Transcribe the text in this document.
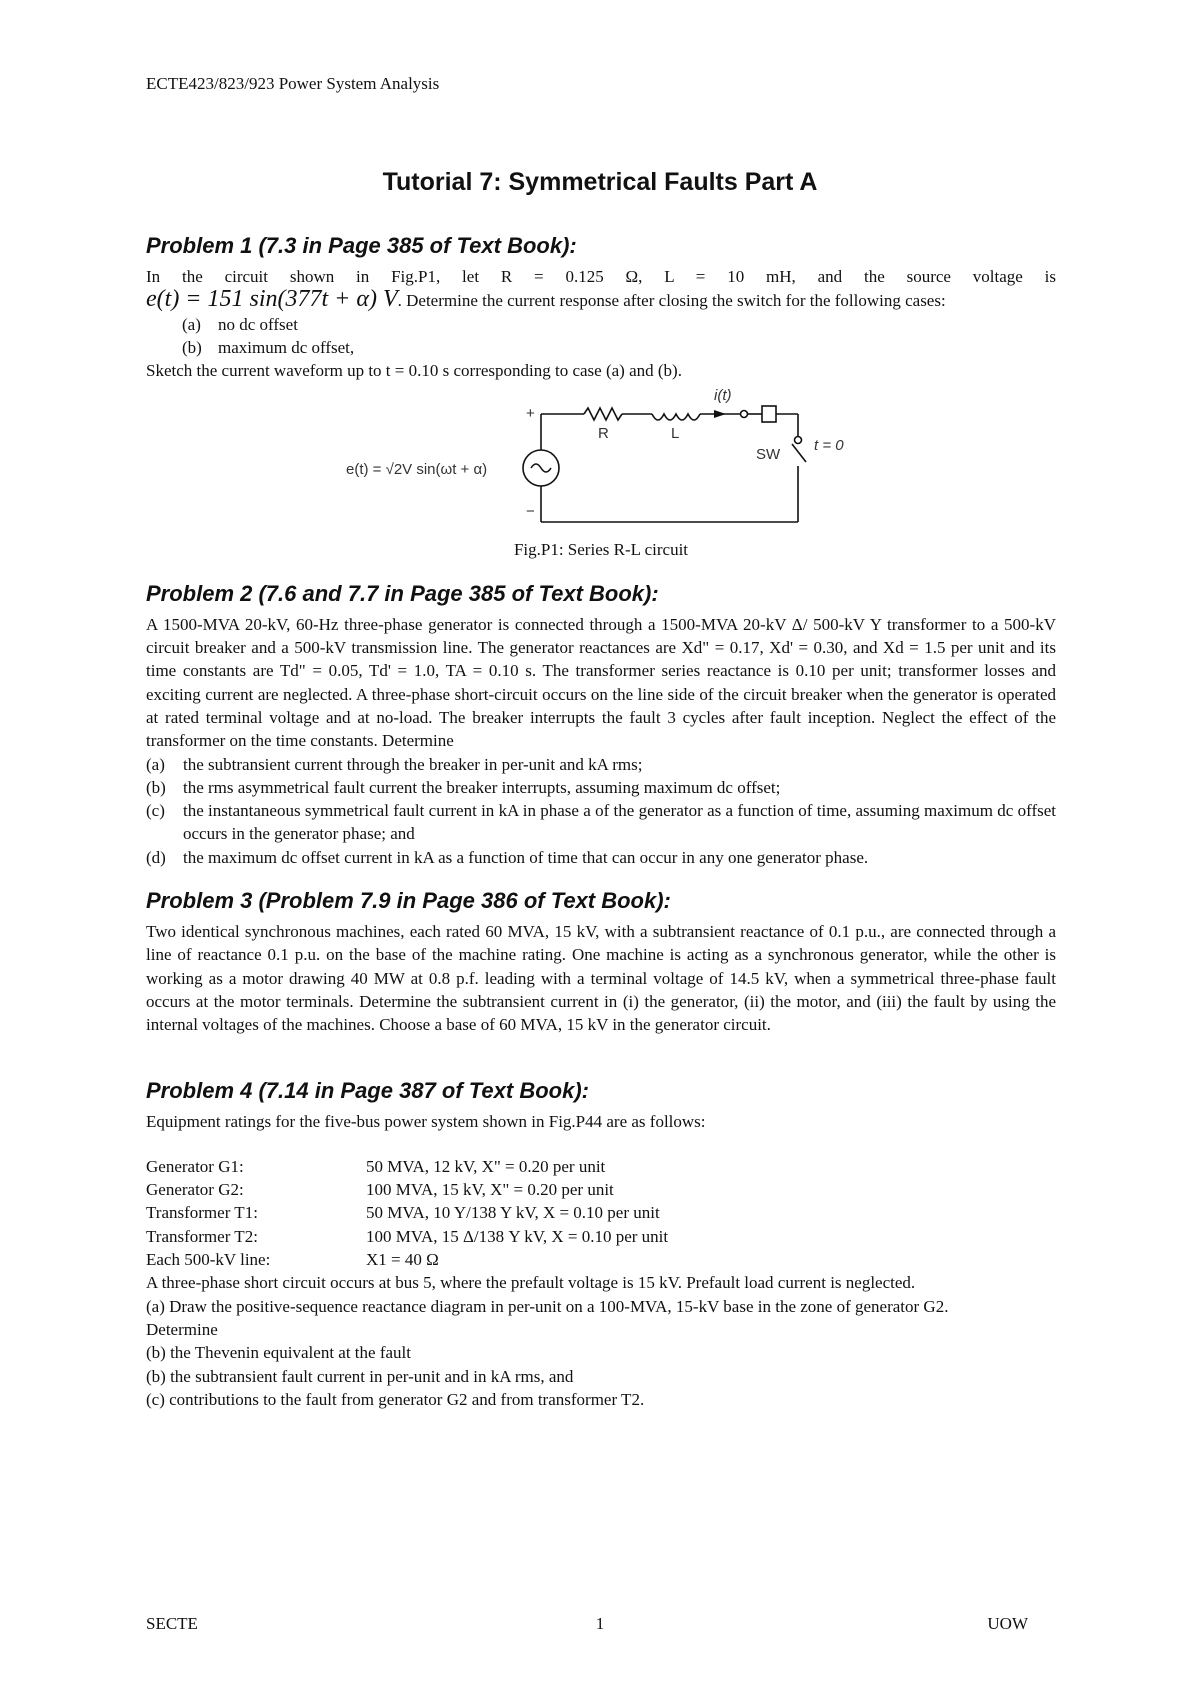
ECTE423/823/923 Power System Analysis
Tutorial 7: Symmetrical Faults Part A
Problem 1 (7.3 in Page 385 of Text Book):

In the circuit shown in Fig.P1, let R = 0.125 Ω, L = 10 mH, and the source voltage is

e(t) = 151 sin(377t + α) V. Determine the current response after closing the switch for the following cases:

(a)	no dc offset
(b) maximum dc offset,

Sketch the current waveform up to t = 0.10 s corresponding to case (a) and (b).

+
−
e(t) = √2V sin(ωt + α)
R	L
i(t)
SW
t = 0
Fig.P1: Series R-L circuit
Problem 2 (7.6 and 7.7 in Page 385 of Text Book):

A 1500-MVA 20-kV, 60-Hz three-phase generator is connected through a 1500-MVA 20-kV Δ/ 500-kV Y transformer to a 500-kV circuit breaker and a 500-kV transmission line. The generator reactances are Xd" = 0.17, Xd' = 0.30, and Xd = 1.5 per unit and its time constants are Td" = 0.05, Td' = 1.0, TA = 0.10 s. The transformer series reactance is 0.10 per unit; transformer losses and exciting current are neglected. A three-phase short-circuit occurs on the line side of the circuit breaker when the generator is operated at rated terminal voltage and at no-load. The breaker interrupts the fault 3 cycles after fault inception. Neglect the effect of the transformer on the time constants. Determine

(a)	the subtransient current through the breaker in per-unit and kA rms;
(b)	the rms asymmetrical fault current the breaker interrupts, assuming maximum dc offset;
(c)	the instantaneous symmetrical fault current in kA in phase a of the generator as a function of time, assuming maximum dc offset occurs in the generator phase; and
(d)	the maximum dc offset current in kA as a function of time that can occur in any one generator phase.
Problem 3 (Problem 7.9 in Page 386 of Text Book):

Two identical synchronous machines, each rated 60 MVA, 15 kV, with a subtransient reactance of 0.1 p.u., are connected through a line of reactance 0.1 p.u. on the base of the machine rating. One machine is acting as a synchronous generator, while the other is working as a motor drawing 40 MW at 0.8 p.f. leading with a terminal voltage of 14.5 kV, when a symmetrical three-phase fault occurs at the motor terminals. Determine the subtransient current in (i) the generator, (ii) the motor, and (iii) the fault by using the internal voltages of the machines. Choose a base of 60 MVA, 15 kV in the generator circuit.

Problem 4 (7.14 in Page 387 of Text Book):

Equipment ratings for the five-bus power system shown in Fig.P44 are as follows:

Generator G1:	50 MVA, 12 kV, X" = 0.20 per unit
Generator G2:	100 MVA, 15 kV, X" = 0.20 per unit
Transformer T1:	50 MVA, 10 Y/138 Y kV, X = 0.10 per unit
Transformer T2:	100 MVA, 15 Δ/138 Y kV, X = 0.10 per unit
Each 500-kV line:	X1 = 40 Ω

A three-phase short circuit occurs at bus 5, where the prefault voltage is 15 kV. Prefault load current is neglected.

(a) Draw the positive-sequence reactance diagram in per-unit on a 100-MVA, 15-kV base in the zone of generator G2.

Determine

(b) the Thevenin equivalent at the fault

(b) the subtransient fault current in per-unit and in kA rms, and

(c) contributions to the fault from generator G2 and from transformer T2.

SECTE	1	UOW
